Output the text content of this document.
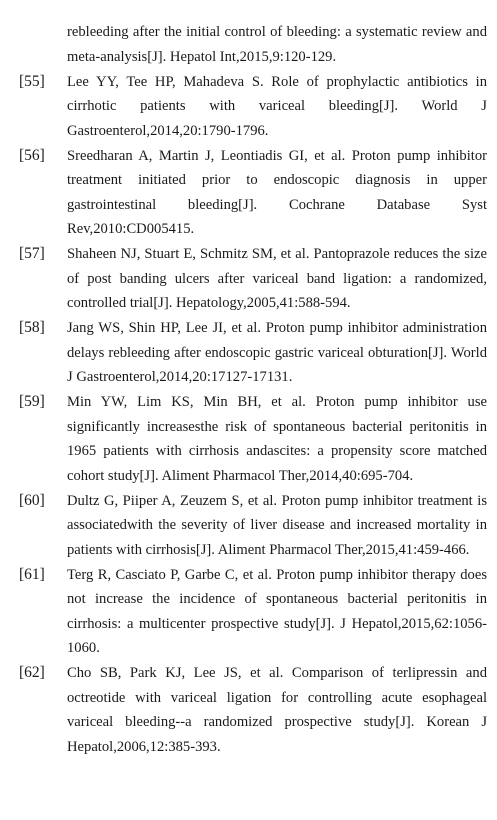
rebleeding after the initial control of bleeding: a systematic review and meta-analysis[J]. Hepatol Int,2015,9:120-129.
[55] Lee YY, Tee HP, Mahadeva S. Role of prophylactic antibiotics in cirrhotic patients with variceal bleeding[J]. World J Gastroenterol,2014,20:1790-1796.
[56] Sreedharan A, Martin J, Leontiadis GI, et al. Proton pump inhibitor treatment initiated prior to endoscopic diagnosis in upper gastrointestinal bleeding[J]. Cochrane Database Syst Rev,2010:CD005415.
[57] Shaheen NJ, Stuart E, Schmitz SM, et al. Pantoprazole reduces the size of post banding ulcers after variceal band ligation: a randomized, controlled trial[J]. Hepatology,2005,41:588-594.
[58] Jang WS, Shin HP, Lee JI, et al. Proton pump inhibitor administration delays rebleeding after endoscopic gastric variceal obturation[J]. World J Gastroenterol,2014,20:17127-17131.
[59] Min YW, Lim KS, Min BH, et al. Proton pump inhibitor use significantly increasesthe risk of spontaneous bacterial peritonitis in 1965 patients with cirrhosis andascites: a propensity score matched cohort study[J]. Aliment Pharmacol Ther,2014,40:695-704.
[60] Dultz G, Piiper A, Zeuzem S, et al. Proton pump inhibitor treatment is associatedwith the severity of liver disease and increased mortality in patients with cirrhosis[J]. Aliment Pharmacol Ther,2015,41:459-466.
[61] Terg R, Casciato P, Garbe C, et al. Proton pump inhibitor therapy does not increase the incidence of spontaneous bacterial peritonitis in cirrhosis: a multicenter prospective study[J]. J Hepatol,2015,62:1056-1060.
[62] Cho SB, Park KJ, Lee JS, et al. Comparison of terlipressin and octreotide with variceal ligation for controlling acute esophageal variceal bleeding--a randomized prospective study[J]. Korean J Hepatol,2006,12:385-393.
